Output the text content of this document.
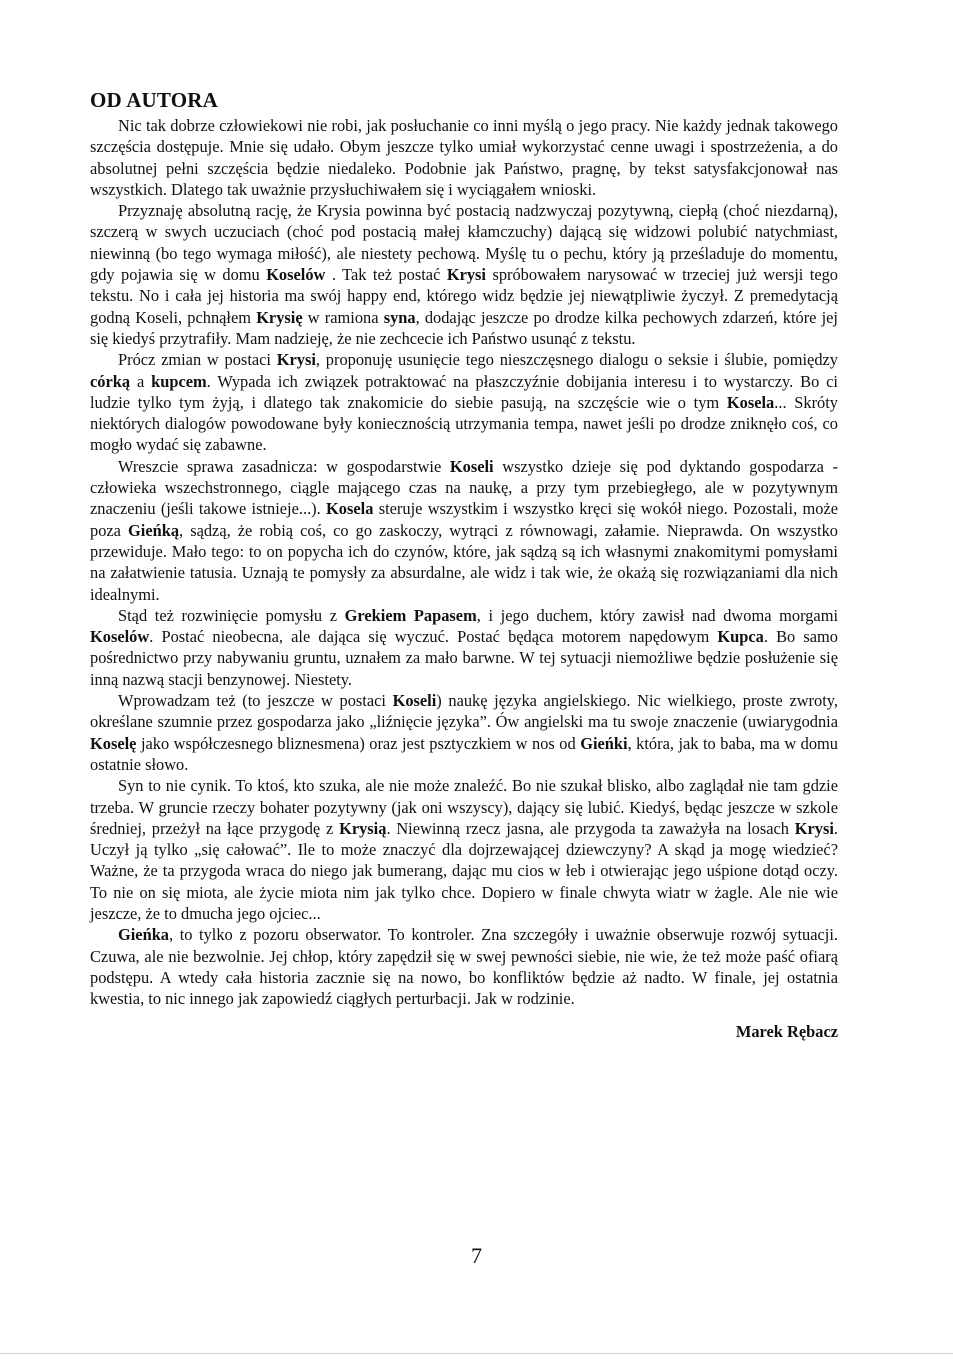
OD AUTORA

Nic tak dobrze człowiekowi nie robi, jak posłuchanie co inni myślą o jego pracy. Nie każdy jednak takowego szczęścia dostępuje. Mnie się udało. Obym jeszcze tylko umiał wykorzystać cenne uwagi i spostrzeżenia, a do absolutnej pełni szczęścia będzie niedaleko. Podobnie jak Państwo, pragnę, by tekst satysfakcjonował nas wszystkich. Dlatego tak uważnie przysłuchiwałem się i wyciągałem wnioski.

Przyznaję absolutną rację, że Krysia powinna być postacią nadzwyczaj pozytywną, ciepłą (choć niezdarną), szczerą w swych uczuciach (choć pod postacią małej kłamczuchy) dającą się widzowi polubić natychmiast, niewinną (bo tego wymaga miłość), ale niestety pechową. Myślę tu o pechu, który ją prześladuje do momentu, gdy pojawia się w domu Koselów . Tak też postać Krysi spróbowałem narysować w trzeciej już wersji tego tekstu. No i cała jej historia ma swój happy end, którego widz będzie jej niewątpliwie życzył. Z premedytacją godną Koseli, pchnąłem Krysię w ramiona syna, dodając jeszcze po drodze kilka pechowych zdarzeń, które jej się kiedyś przytrafiły. Mam nadzieję, że nie zechcecie ich Państwo usunąć z tekstu.

Prócz zmian w postaci Krysi, proponuję usunięcie tego nieszczęsnego dialogu o seksie i ślubie, pomiędzy córką a kupcem. Wypada ich związek potraktować na płaszczyźnie dobijania interesu i to wystarczy. Bo ci ludzie tylko tym żyją, i dlatego tak znakomicie do siebie pasują, na szczęście wie o tym Kosela... Skróty niektórych dialogów powodowane były koniecznością utrzymania tempa, nawet jeśli po drodze zniknęło coś, co mogło wydać się zabawne.

Wreszcie sprawa zasadnicza: w gospodarstwie Koseli wszystko dzieje się pod dyktando gospodarza -człowieka wszechstronnego, ciągle mającego czas na naukę, a przy tym przebiegłego, ale w pozytywnym znaczeniu (jeśli takowe istnieje...). Kosela steruje wszystkim i wszystko kręci się wokół niego. Pozostali, może poza Gieńką, sądzą, że robią coś, co go zaskoczy, wytrąci z równowagi, załamie. Nieprawda. On wszystko przewiduje. Mało tego: to on popycha ich do czynów, które, jak sądzą są ich własnymi znakomitymi pomysłami na załatwienie tatusia. Uznają te pomysły za absurdalne, ale widz i tak wie, że okażą się rozwiązaniami dla nich idealnymi.

Stąd też rozwinięcie pomysłu z Grekiem Papasem, i jego duchem, który zawisł nad dwoma morgami Koselów. Postać nieobecna, ale dająca się wyczuć. Postać będąca motorem napędowym Kupca. Bo samo pośrednictwo przy nabywaniu gruntu, uznałem za mało barwne. W tej sytuacji niemożliwe będzie posłużenie się inną nazwą stacji benzynowej. Niestety.

Wprowadzam też (to jeszcze w postaci Koseli) naukę języka angielskiego. Nic wielkiego, proste zwroty, określane szumnie przez gospodarza jako „liźnięcie języka”. Ów angielski ma tu swoje znaczenie (uwiarygodnia Koselę jako współczesnego bliznesmena) oraz jest psztyczkiem w nos od Gieńki, która, jak to baba, ma w domu ostatnie słowo.

Syn to nie cynik. To ktoś, kto szuka, ale nie może znaleźć. Bo nie szukał blisko, albo zaglądał nie tam gdzie trzeba. W gruncie rzeczy bohater pozytywny (jak oni wszyscy), dający się lubić. Kiedyś, będąc jeszcze w szkole średniej, przeżył na łące przygodę z Krysią. Niewinną rzecz jasna, ale przygoda ta zaważyła na losach Krysi. Uczył ją tylko „się całować”. Ile to może znaczyć dla dojrzewającej dziewczyny? A skąd ja mogę wiedzieć? Ważne, że ta przygoda wraca do niego jak bumerang, dając mu cios w łeb i otwierając jego uśpione dotąd oczy. To nie on się miota, ale życie miota nim jak tylko chce. Dopiero w finale chwyta wiatr w żagle. Ale nie wie jeszcze, że to dmucha jego ojciec...

Gieńka, to tylko z pozoru obserwator. To kontroler. Zna szczegóły i uważnie obserwuje rozwój sytuacji. Czuwa, ale nie bezwolnie. Jej chłop, który zapędził się w swej pewności siebie, nie wie, że też może paść ofiarą podstępu. A wtedy cała historia zacznie się na nowo, bo konfliktów będzie aż nadto. W finale, jej ostatnia kwestia, to nic innego jak zapowiedź ciągłych perturbacji. Jak w rodzinie.

Marek Rębacz
7
